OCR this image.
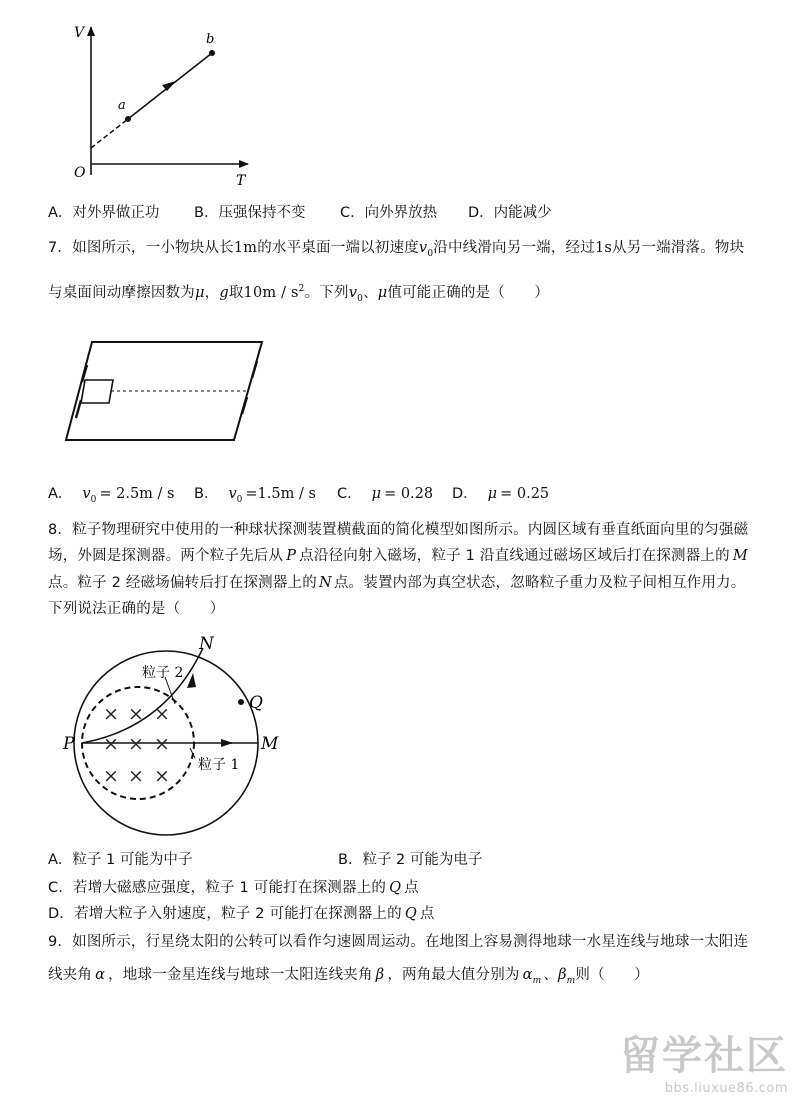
V
T
O
a
b
A．对外界做正功 B．压强保持不变 C．向外界放热 D．内能减少
7．如图所示，一小物块从长1m的水平桌面一端以初速度$v_0$沿中线滑向另一端，经过1s从另一端滑落。物块
与桌面间动摩擦因数为μ，g取$10m / s^2$。下列$v_0$、μ值可能正确的是（　　）
A． $v_0 = 2.5m / s$ B． $v_0 =1.5m / s$ C． μ = 0.28 D． μ = 0.25
8．粒子物理研究中使用的一种球状探测装置横截面的简化模型如图所示。内圆区域有垂直纸面向里的匀强磁
场，外圆是探测器。两个粒子先后从 P 点沿径向射入磁场，粒子 1 沿直线通过磁场区域后打在探测器上的 M
点。粒子 2 经磁场偏转后打在探测器上的 N 点。装置内部为真空状态，忽略粒子重力及粒子间相互作用力。
下列说法正确的是（　　）
× × ×
× × ×
× × ×
N
Q
P	M
粒子 2
粒子 1
A．粒子 1 可能为中子	B．粒子 2 可能为电子
C．若增大磁感应强度，粒子 1 可能打在探测器上的 Q 点
D．若增大粒子入射速度，粒子 2 可能打在探测器上的 Q 点
9．如图所示，行星绕太阳的公转可以看作匀速圆周运动。在地图上容易测得地球一水星连线与地球一太阳连
线夹角 α ，地球一金星连线与地球一太阳连线夹角 β ，两角最大值分别为 $\alpha_m$ 、$\beta_m$则（　　）
留学社区
bbs.liuxue86.com
